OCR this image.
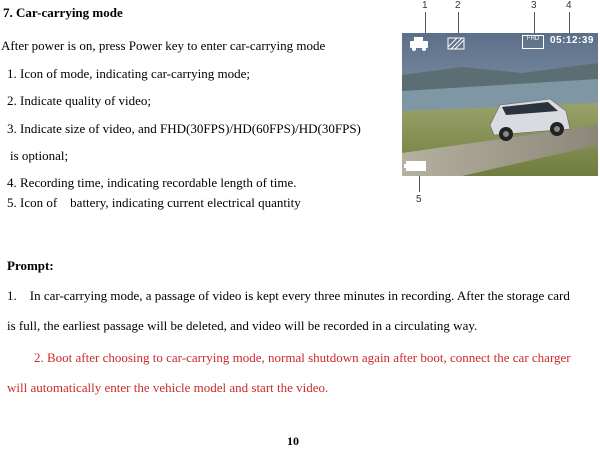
7. Car-carrying mode
After power is on, press Power key to enter car-carrying mode
1. Icon of mode, indicating car-carrying mode;
2. Indicate quality of video;
3. Indicate size of video, and FHD(30FPS)/HD(60FPS)/HD(30FPS)
is optional;
4. Recording time, indicating recordable length of time.
5. Icon of    battery, indicating current electrical quantity
Prompt:
1.    In car-carrying mode, a passage of video is kept every three minutes in recording. After the storage card
is full, the earliest passage will be deleted, and video will be recorded in a circulating way.
2. Boot after choosing to car-carrying mode, normal shutdown again after boot, connect the car charger
will automatically enter the vehicle model and start the video.
10
1	2	3	4
FHD	05:12:39
5
